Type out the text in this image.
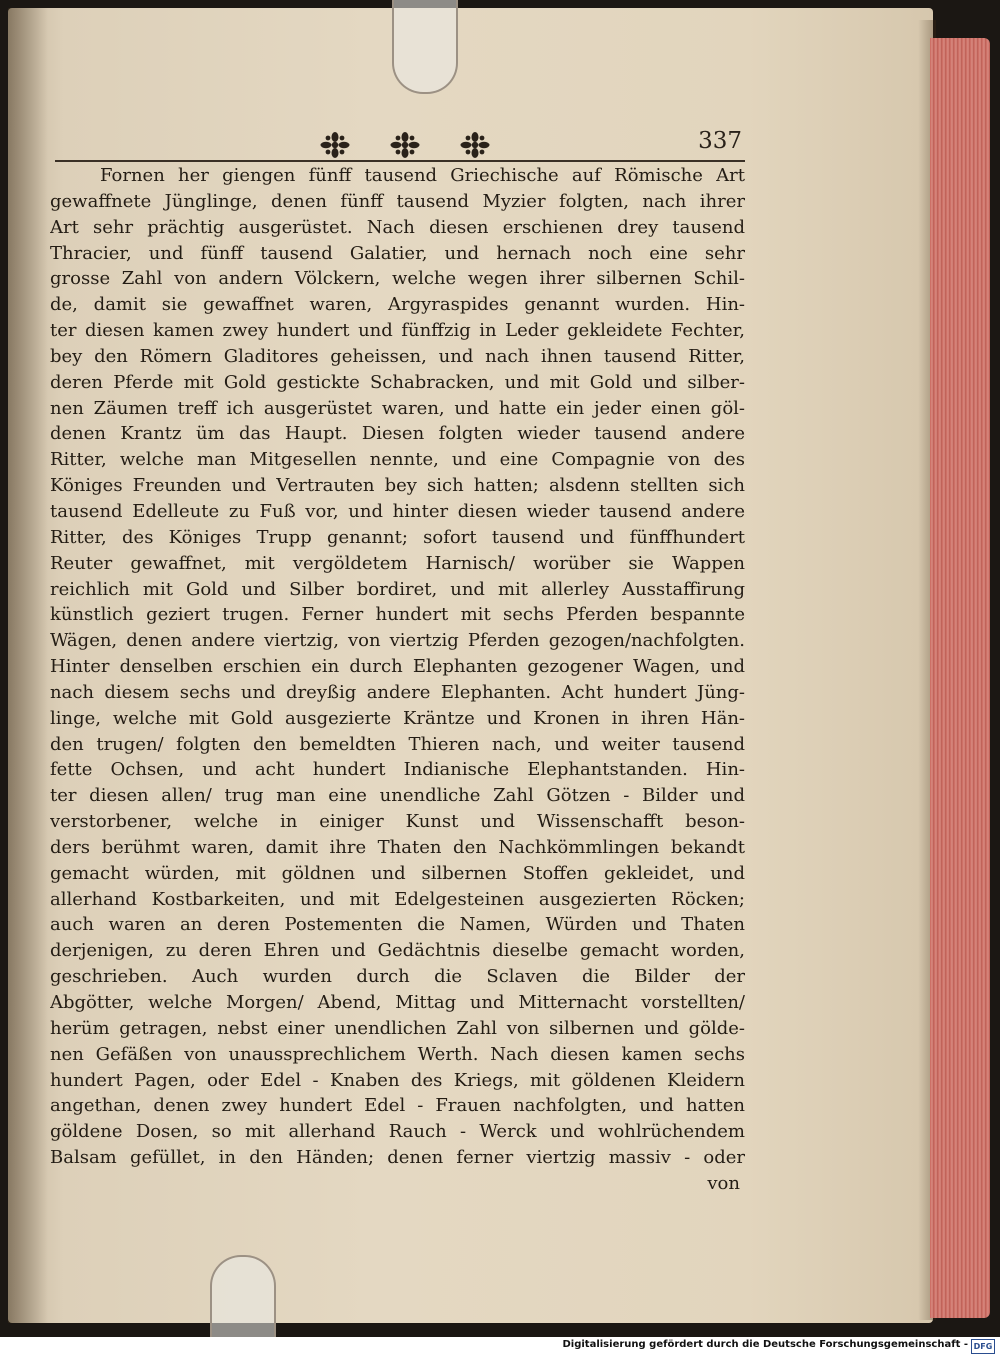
337
Fornen her giengen fünff tausend Griechische auf Römische Art
gewaffnete Jünglinge, denen fünff tausend Myzier folgten, nach ihrer
Art sehr prächtig ausgerüstet. Nach diesen erschienen drey tausend
Thracier, und fünff tausend Galatier, und hernach noch eine sehr
grosse Zahl von andern Völckern, welche wegen ihrer silbernen Schil-
de, damit sie gewaffnet waren, Argyraspides genannt wurden. Hin-
ter diesen kamen zwey hundert und fünffzig in Leder gekleidete Fechter,
bey den Römern Gladitores geheissen, und nach ihnen tausend Ritter,
deren Pferde mit Gold gestickte Schabracken, und mit Gold und silber-
nen Zäumen treff ich ausgerüstet waren, und hatte ein jeder einen göl-
denen Krantz üm das Haupt. Diesen folgten wieder tausend andere
Ritter, welche man Mitgesellen nennte, und eine Compagnie von des
Königes Freunden und Vertrauten bey sich hatten; alsdenn stellten sich
tausend Edelleute zu Fuß vor, und hinter diesen wieder tausend andere
Ritter, des Königes Trupp genannt; sofort tausend und fünffhundert
Reuter gewaffnet, mit vergöldetem Harnisch/ worüber sie Wappen
reichlich mit Gold und Silber bordiret, und mit allerley Ausstaffirung
künstlich geziert trugen. Ferner hundert mit sechs Pferden bespannte
Wägen, denen andere viertzig, von viertzig Pferden gezogen/nachfolgten.
Hinter denselben erschien ein durch Elephanten gezogener Wagen, und
nach diesem sechs und dreyßig andere Elephanten. Acht hundert Jüng-
linge, welche mit Gold ausgezierte Kräntze und Kronen in ihren Hän-
den trugen/ folgten den bemeldten Thieren nach, und weiter tausend
fette Ochsen, und acht hundert Indianische Elephantstanden. Hin-
ter diesen allen/ trug man eine unendliche Zahl Götzen - Bilder und
verstorbener, welche in einiger Kunst und Wissenschafft beson-
ders berühmt waren, damit ihre Thaten den Nachkömmlingen bekandt
gemacht würden, mit göldnen und silbernen Stoffen gekleidet, und
allerhand Kostbarkeiten, und mit Edelgesteinen ausgezierten Röcken;
auch waren an deren Postementen die Namen, Würden und Thaten
derjenigen, zu deren Ehren und Gedächtnis dieselbe gemacht worden,
geschrieben. Auch wurden durch die Sclaven die Bilder der
Abgötter, welche Morgen/ Abend, Mittag und Mitternacht vorstellten/
herüm getragen, nebst einer unendlichen Zahl von silbernen und gölde-
nen Gefäßen von unaussprechlichem Werth. Nach diesen kamen sechs
hundert Pagen, oder Edel - Knaben des Kriegs, mit göldenen Kleidern
angethan, denen zwey hundert Edel - Frauen nachfolgten, und hatten
göldene Dosen, so mit allerhand Rauch - Werck und wohlrüchendem
Balsam gefüllet, in den Händen; denen ferner viertzig massiv - oder
von
Digitalisierung gefördert durch die Deutsche Forschungsgemeinschaft - DFG
